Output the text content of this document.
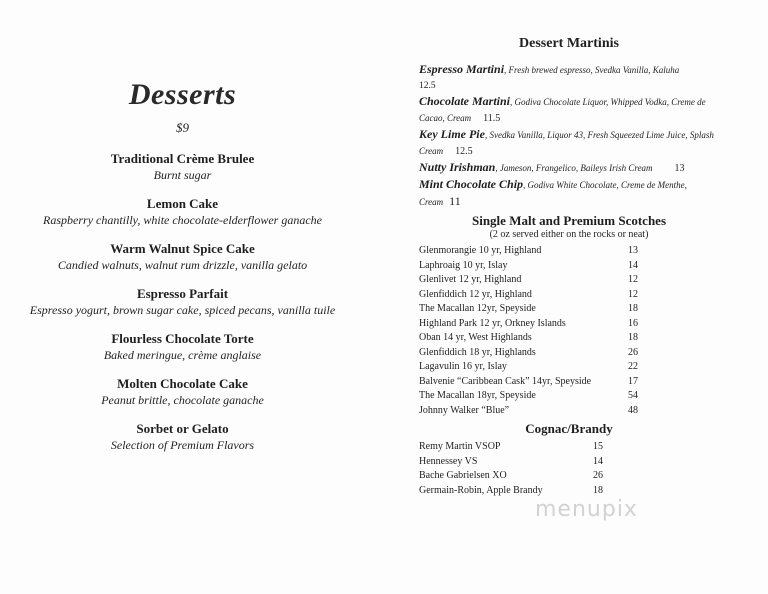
Desserts
$9
Traditional Crème Brulee
Burnt sugar
Lemon Cake
Raspberry chantilly, white chocolate-elderflower ganache
Warm Walnut Spice Cake
Candied walnuts, walnut rum drizzle, vanilla gelato
Espresso Parfait
Espresso yogurt, brown sugar cake, spiced pecans, vanilla tuile
Flourless Chocolate Torte
Baked meringue, crème anglaise
Molten Chocolate Cake
Peanut brittle, chocolate ganache
Sorbet or Gelato
Selection of Premium Flavors
Dessert Martinis
Espresso Martini, Fresh brewed espresso, Svedka Vanilla, Kaluha
12.5
Chocolate Martini, Godiva Chocolate Liquor, Whipped Vodka, Creme de Cacao, Cream 11.5
Key Lime Pie, Svedka Vanilla, Liquor 43, Fresh Squeezed Lime Juice, Splash Cream 12.5
Nutty Irishman, Jameson, Frangelico, Baileys Irish Cream 13
Mint Chocolate Chip, Godiva White Chocolate, Creme de Menthe, Cream 11
Single Malt and Premium Scotches
(2 oz served either on the rocks or neat)
Glenmorangie 10 yr, Highland	13
Laphroaig 10 yr, Islay	14
Glenlivet 12 yr, Highland	12
Glenfiddich 12 yr, Highland	12
The Macallan 12yr, Speyside	18
Highland Park 12 yr, Orkney Islands	16
Oban 14 yr, West Highlands	18
Glenfiddich 18 yr, Highlands	26
Lagavulin 16 yr, Islay	22
Balvenie “Caribbean Cask” 14yr, Speyside	17
The Macallan 18yr, Speyside	54
Johnny Walker “Blue”	48
Cognac/Brandy
Remy Martin VSOP	15
Hennessey VS	14
Bache Gabrielsen XO	26
Germain-Robin, Apple Brandy	18
menupix
